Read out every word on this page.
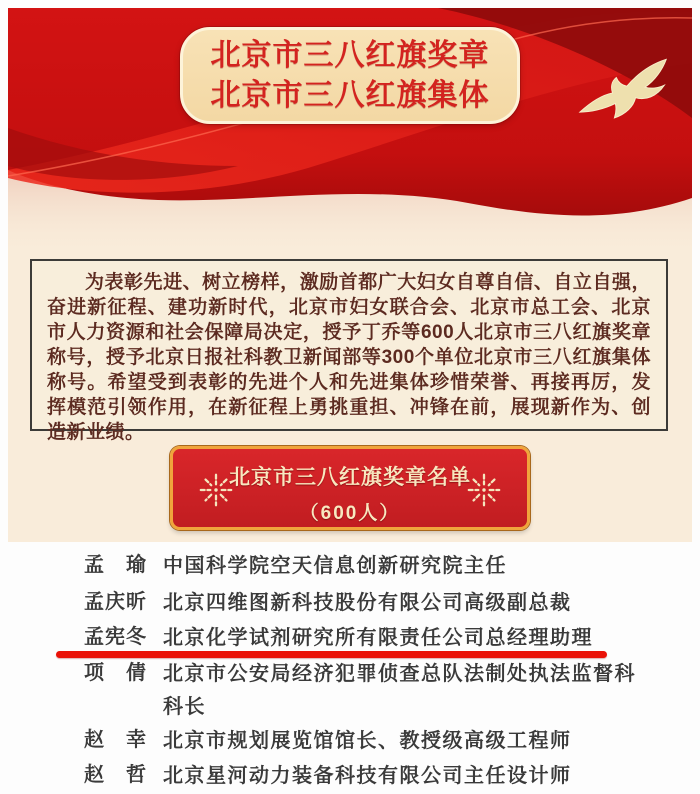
北京市三八红旗奖章
北京市三八红旗集体

为表彰先进、树立榜样，激励首都广大妇女自尊自信、自立自强，奋进新征程、建功新时代，北京市妇女联合会、北京市总工会、北京市人力资源和社会保障局决定，授予丁乔等600人北京市三八红旗奖章称号，授予北京日报社科教卫新闻部等300个单位北京市三八红旗集体称号。希望受到表彰的先进个人和先进集体珍惜荣誉、再接再厉，发挥模范引领作用，在新征程上勇挑重担、冲锋在前，展现新作为、创造新业绩。

北京市三八红旗奖章名单
（600人）
孟　瑜 中国科学院空天信息创新研究院主任
孟庆昕 北京四维图新科技股份有限公司高级副总裁
孟宪冬 北京化学试剂研究所有限责任公司总经理助理
项　倩 北京市公安局经济犯罪侦查总队法制处执法监督科科长
赵　幸 北京市规划展览馆馆长、教授级高级工程师
赵　哲 北京星河动力装备科技有限公司主任设计师
